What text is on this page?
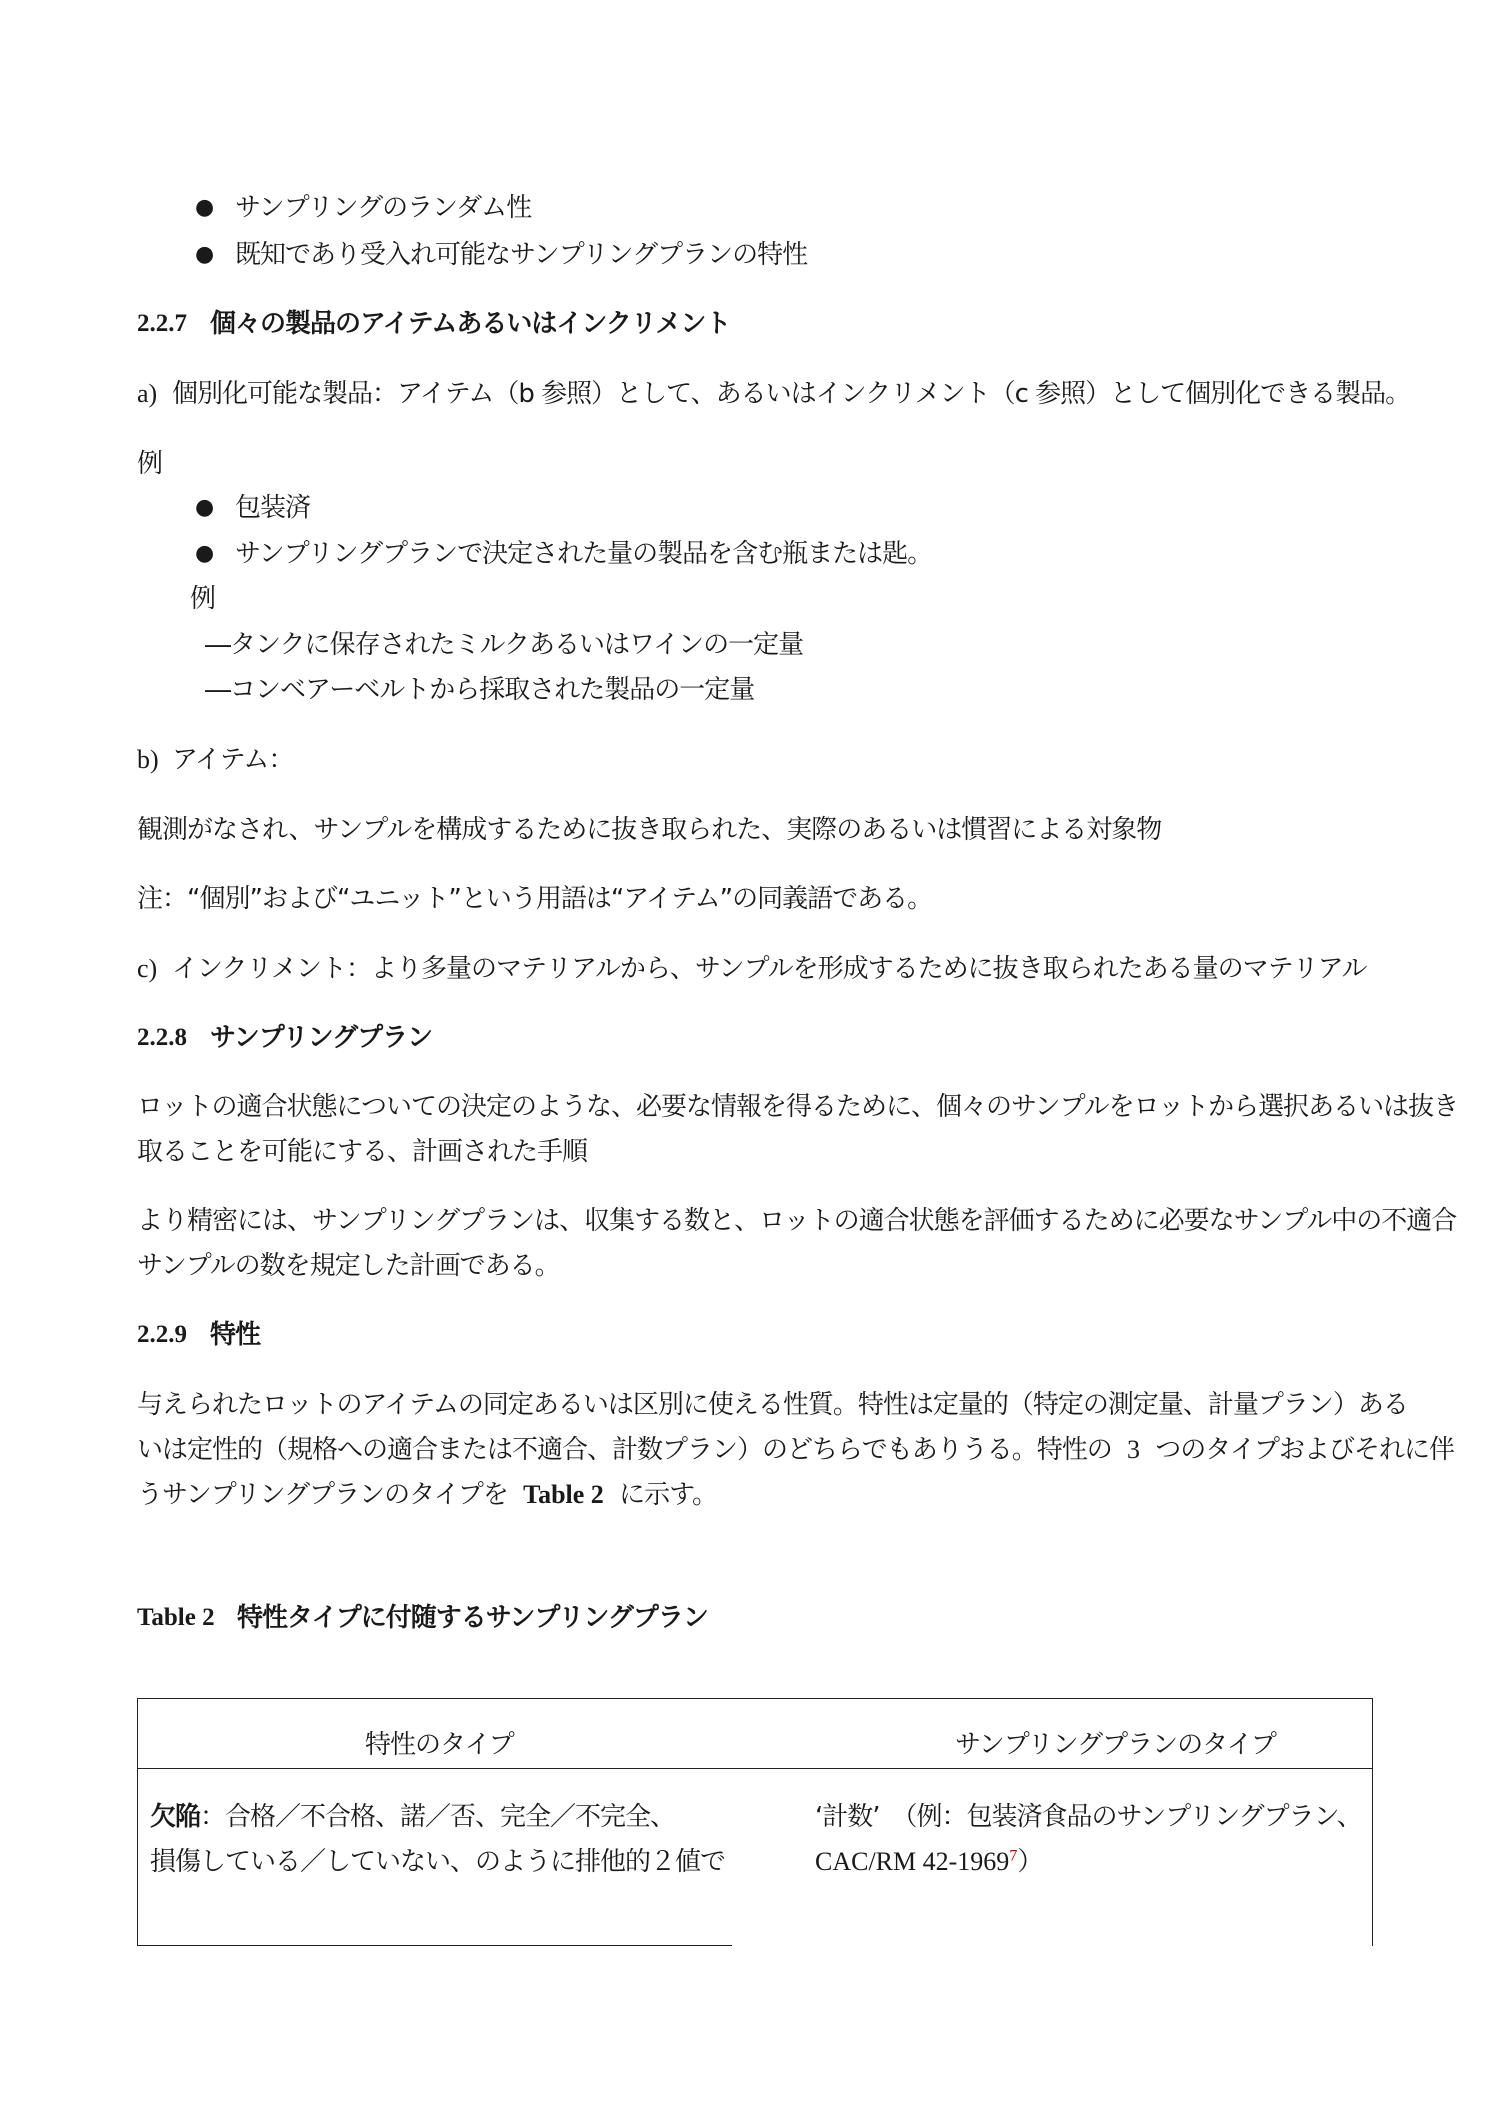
● サンプリングのランダム性
● 既知であり受入れ可能なサンプリングプランの特性
2.2.7 個々の製品のアイテムあるいはインクリメント
a) 個別化可能な製品：アイテム（b 参照）として、あるいはインクリメント（c 参照）として個別化できる製品。
例
● 包装済
● サンプリングプランで決定された量の製品を含む瓶または匙。
例
―タンクに保存されたミルクあるいはワインの一定量
―コンベアーベルトから採取された製品の一定量
b) アイテム：
観測がなされ、サンプルを構成するために抜き取られた、実際のあるいは慣習による対象物
注：“個別”および“ユニット”という用語は“アイテム”の同義語である。
c) インクリメント：より多量のマテリアルから、サンプルを形成するために抜き取られたある量のマテリアル
2.2.8 サンプリングプラン
ロットの適合状態についての決定のような、必要な情報を得るために、個々のサンプルをロットから選択あるいは抜き
取ることを可能にする、計画された手順
より精密には、サンプリングプランは、収集する数と、ロットの適合状態を評価するために必要なサンプル中の不適合
サンプルの数を規定した計画である。
2.2.9 特性
与えられたロットのアイテムの同定あるいは区別に使える性質。特性は定量的（特定の測定量、計量プラン）ある
いは定性的（規格への適合または不適合、計数プラン）のどちらでもありうる。特性の 3 つのタイプおよびそれに伴
うサンプリングプランのタイプを Table 2 に示す。
Table 2 特性タイプに付随するサンプリングプラン
特性のタイプ	サンプリングプランのタイプ
欠陥：合格／不合格、諾／否、完全／不完全、
損傷している／していない、のように排他的２値で
‘計数’　（例：包装済食品のサンプリングプラン、
CAC/RM 42-1969$^7$）
